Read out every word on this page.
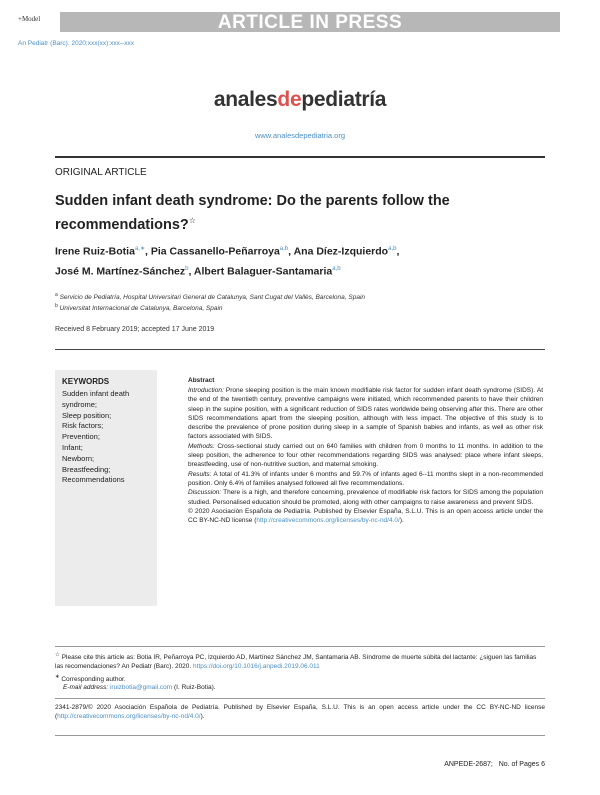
+Model	ARTICLE IN PRESS
An Pediatr (Barc). 2020;xxx(xx):xxx--xxx
analesdepediatría
www.analesdepediatria.org
ORIGINAL ARTICLE
Sudden infant death syndrome: Do the parents follow the recommendations?☆
Irene Ruiz-Botia$^{a,∗}$, Pia Cassanello-Peñarroya$^{a,b}$, Ana Díez-Izquierdo$^{a,b}$,
José M. Martínez-Sánchez$^b$, Albert Balaguer-Santamaria$^{a,b}$
$^a$ Servicio de Pediatría, Hospital Universitari General de Catalunya, Sant Cugat del Vallès, Barcelona, Spain
$^b$ Universitat Internacional de Catalunya, Barcelona, Spain
Received 8 February 2019; accepted 17 June 2019
KEYWORDS
Sudden infant death syndrome;
Sleep position;
Risk factors;
Prevention;
Infant;
Newborn;
Breastfeeding;
Recommendations
Abstract

Introduction: Prone sleeping position is the main known modifiable risk factor for sudden infant death syndrome (SIDS). At the end of the twentieth century, preventive campaigns were initiated, which recommended parents to have their children sleep in the supine position, with a significant reduction of SIDS rates worldwide being observing after this. There are other SIDS recommendations apart from the sleeping position, although with less impact. The objective of this study is to describe the prevalence of prone position during sleep in a sample of Spanish babies and infants, as well as other risk factors associated with SIDS.

Methods: Cross-sectional study carried out on 640 families with children from 0 months to 11 months. In addition to the sleep position, the adherence to four other recommendations regarding SIDS was analysed: place where infant sleeps, breastfeeding, use of non-nutritive suction, and maternal smoking.

Results: A total of 41.3% of infants under 6 months and 59.7% of infants aged 6--11 months slept in a non-recommended position. Only 6.4% of families analysed followed all five recommendations.

Discussion: There is a high, and therefore concerning, prevalence of modifiable risk factors for SIDS among the population studied. Personalised education should be promoted, along with other campaigns to raise awareness and prevent SIDS.

© 2020 Asociación Española de Pediatría. Published by Elsevier España, S.L.U. This is an open access article under the CC BY-NC-ND license (http://creativecommons.org/licenses/by-nc-nd/4.0/).

☆ Please cite this article as: Botia IR, Peñarroya PC, Izquierdo AD, Martínez Sánchez JM, Santamaria AB. Síndrome de muerte súbita del lactante: ¿siguen las familias las recomendaciones? An Pediatr (Barc). 2020. https://doi.org/10.1016/j.anpedi.2019.06.011
∗ Corresponding author.
E-mail address: iruizbotia@gmail.com (I. Ruiz-Botia).
2341-2879/© 2020 Asociación Española de Pediatría. Published by Elsevier España, S.L.U. This is an open access article under the CC BY-NC-ND license (http://creativecommons.org/licenses/by-nc-nd/4.0/).
ANPEDE-2687; No. of Pages 6
